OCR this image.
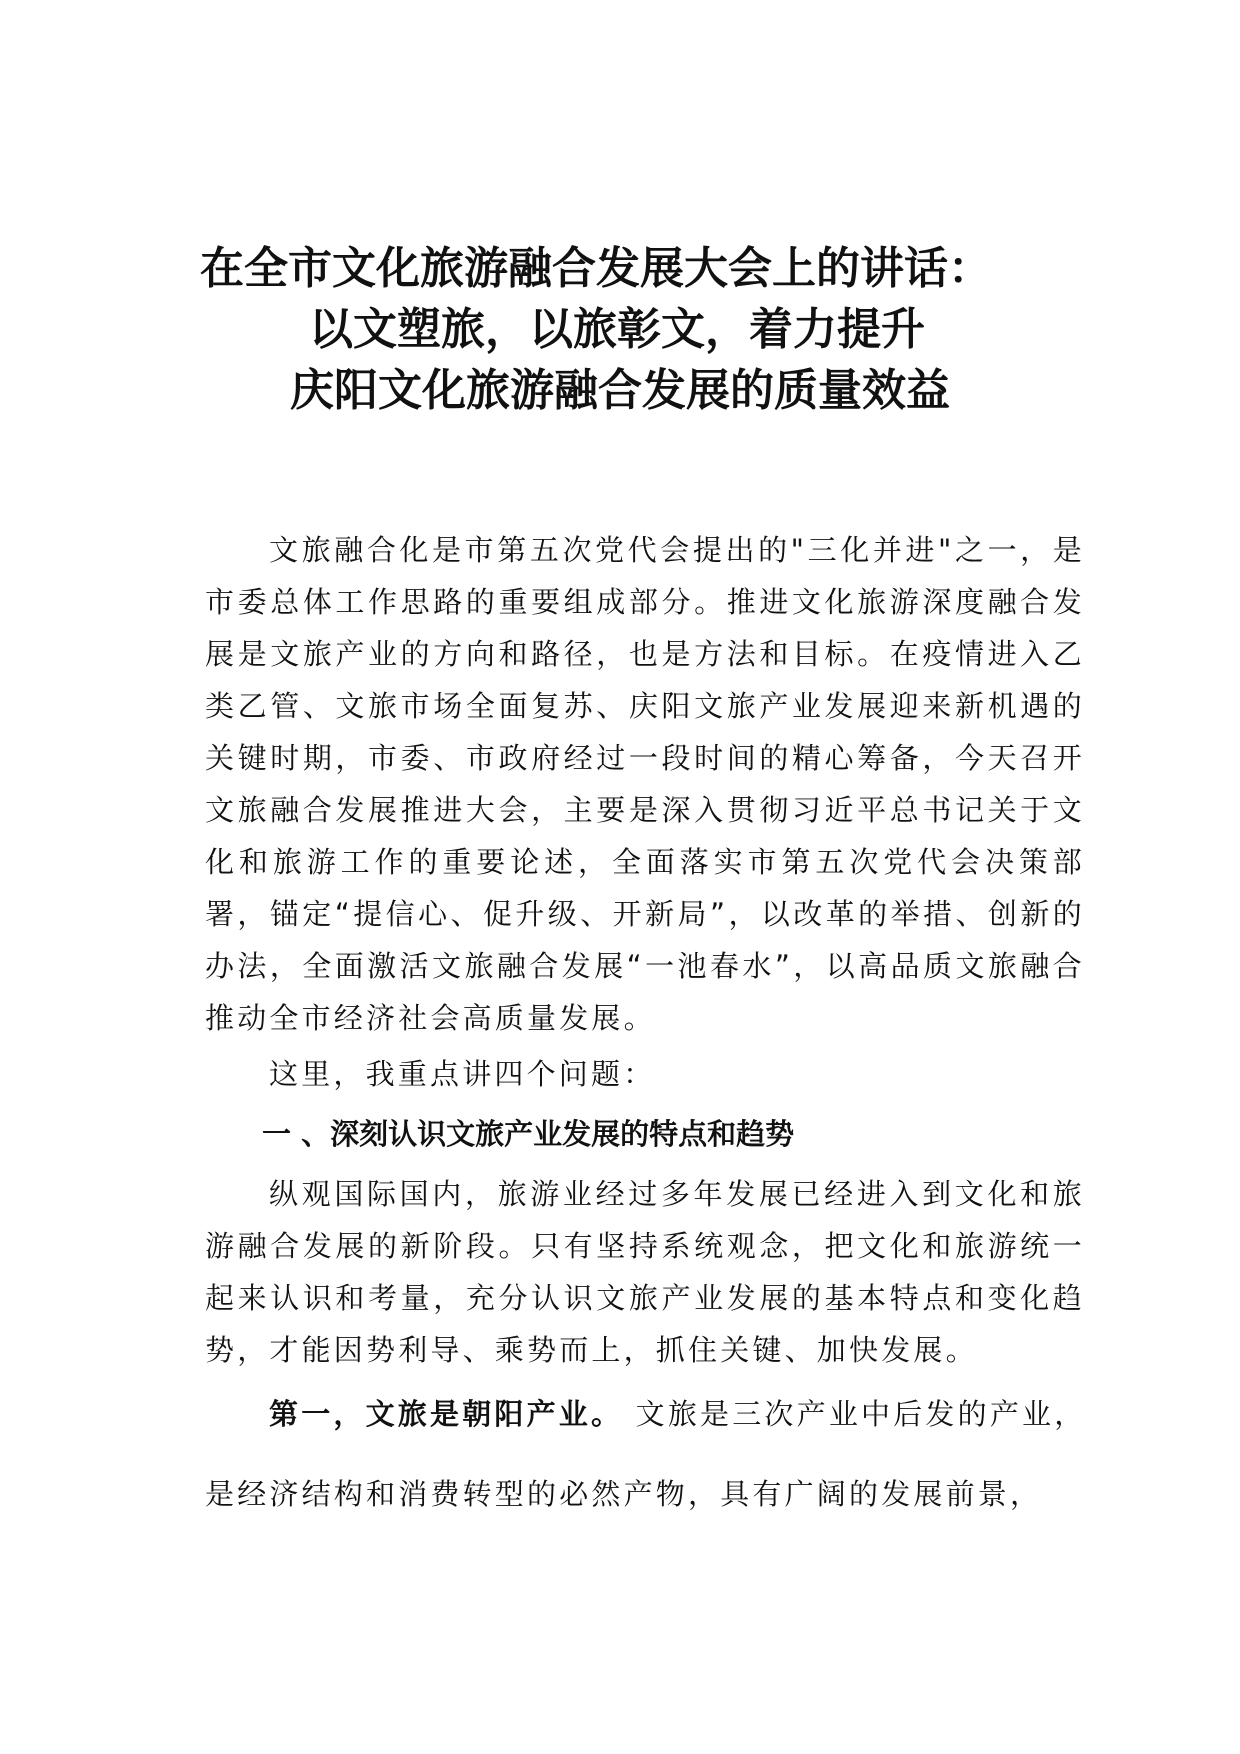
在全市文化旅游融合发展大会上的讲话：
以文塑旅，以旅彰文，着力提升
庆阳文化旅游融合发展的质量效益

文旅融合化是市第五次党代会提出的"三化并进"之一，是市委总体工作思路的重要组成部分。推进文化旅游深度融合发展是文旅产业的方向和路径，也是方法和目标。在疫情进入乙类乙管、文旅市场全面复苏、庆阳文旅产业发展迎来新机遇的关键时期，市委、市政府经过一段时间的精心筹备，今天召开文旅融合发展推进大会，主要是深入贯彻习近平总书记关于文化和旅游工作的重要论述，全面落实市第五次党代会决策部署，锚定“提信心、促升级、开新局”，以改革的举措、创新的办法，全面激活文旅融合发展“一池春水”，以高品质文旅融合推动全市经济社会高质量发展。

这里，我重点讲四个问题：

一 、深刻认识文旅产业发展的特点和趋势

纵观国际国内，旅游业经过多年发展已经进入到文化和旅游融合发展的新阶段。只有坚持系统观念，把文化和旅游统一起来认识和考量，充分认识文旅产业发展的基本特点和变化趋势，才能因势利导、乘势而上，抓住关键、加快发展。

第一，文旅是朝阳产业。 文旅是三次产业中后发的产业，

是经济结构和消费转型的必然产物，具有广阔的发展前景，
